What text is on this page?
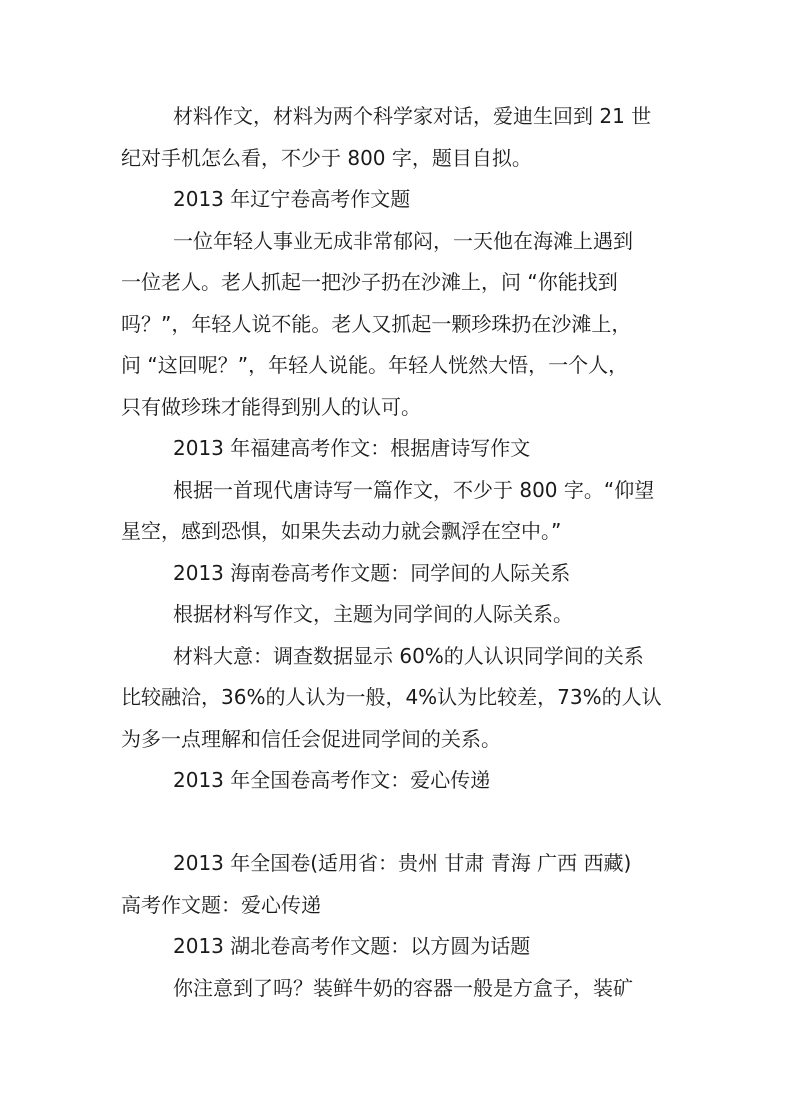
材料作文，材料为两个科学家对话，爱迪生回到 21 世

纪对手机怎么看，不少于 800 字，题目自拟。

2013 年辽宁卷高考作文题

一位年轻人事业无成非常郁闷，一天他在海滩上遇到

一位老人。老人抓起一把沙子扔在沙滩上，问 “你能找到

吗？”，年轻人说不能。老人又抓起一颗珍珠扔在沙滩上，

问 “这回呢？”，年轻人说能。年轻人恍然大悟，一个人，

只有做珍珠才能得到别人的认可。

2013 年福建高考作文：根据唐诗写作文

根据一首现代唐诗写一篇作文，不少于 800 字。“仰望

星空，感到恐惧，如果失去动力就会飘浮在空中。”

2013 海南卷高考作文题：同学间的人际关系

根据材料写作文，主题为同学间的人际关系。

材料大意：调查数据显示 60%的人认识同学间的关系

比较融洽，36%的人认为一般，4%认为比较差，73%的人认

为多一点理解和信任会促进同学间的关系。

2013 年全国卷高考作文：爱心传递

2013 年全国卷(适用省：贵州 甘肃 青海 广西 西藏)

高考作文题：爱心传递

2013 湖北卷高考作文题：以方圆为话题

你注意到了吗？装鲜牛奶的容器一般是方盒子，装矿
